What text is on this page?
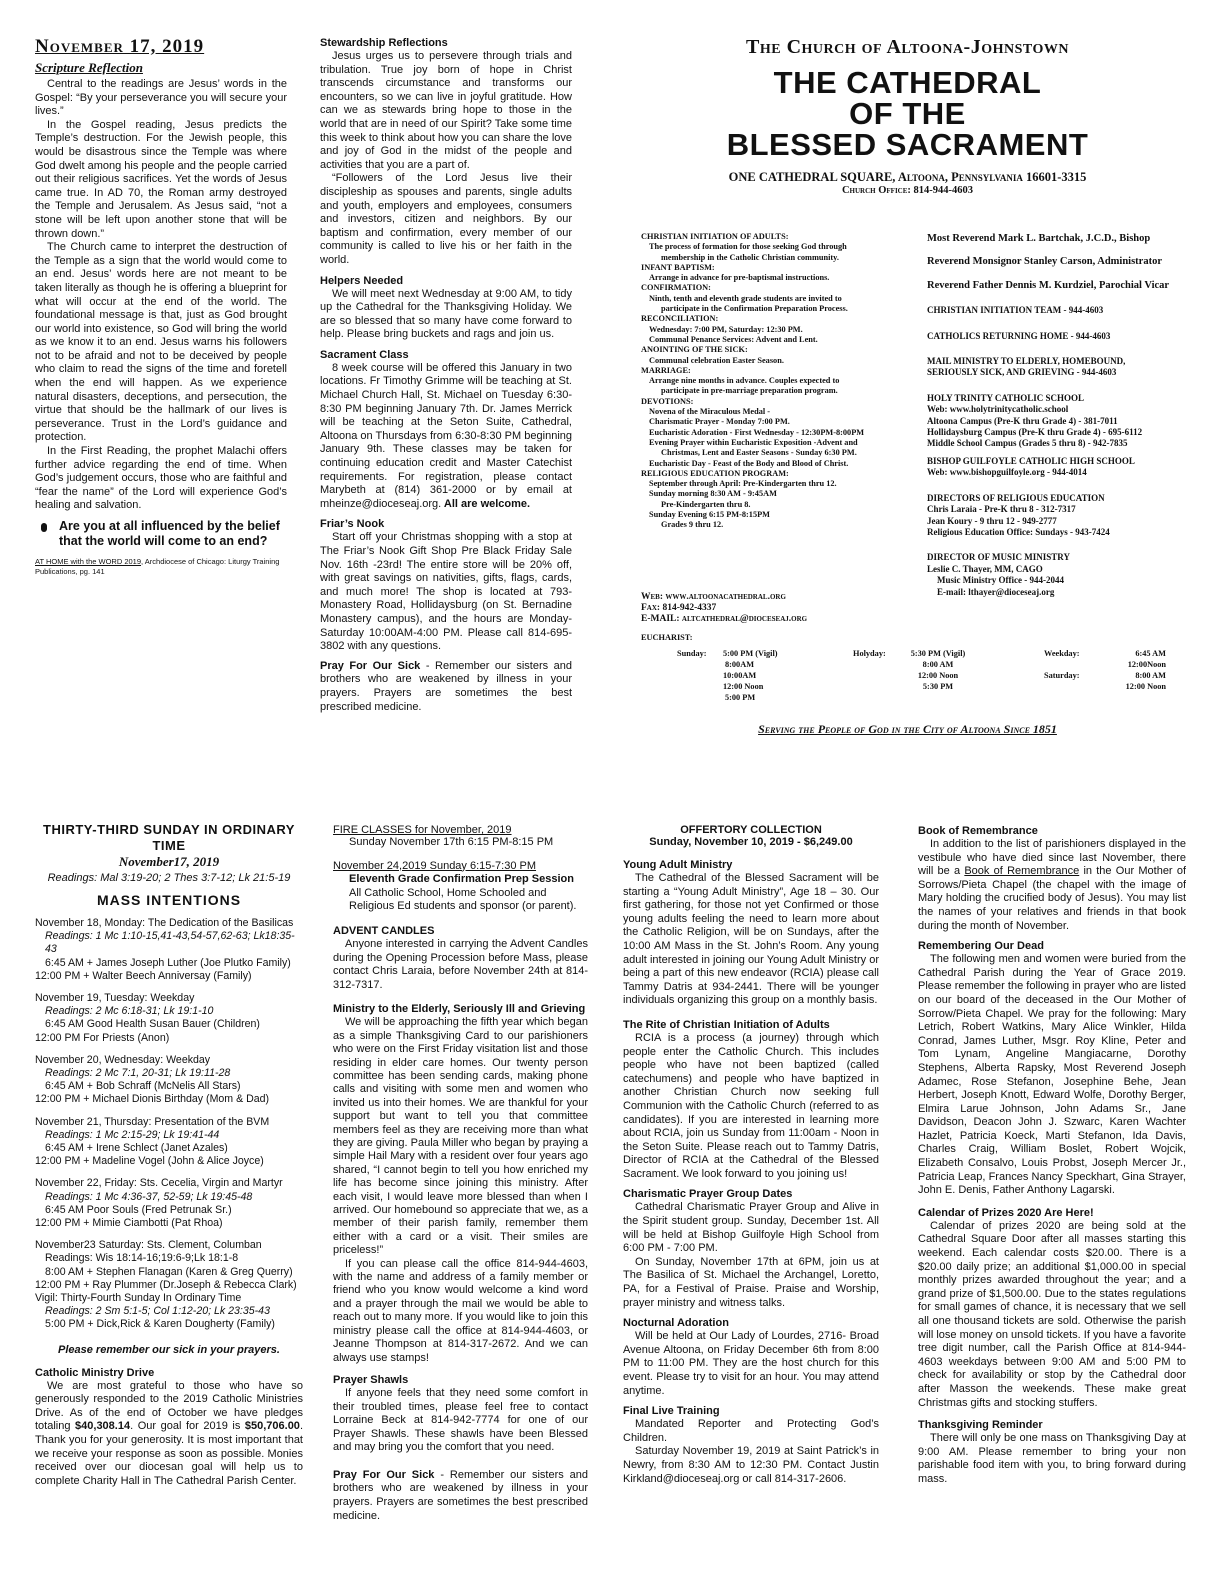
November 17, 2019
Scripture Reflection

Central to the readings are Jesus’ words in the Gospel: “By your perseverance you will secure your lives.”

In the Gospel reading, Jesus predicts the Temple’s destruction. For the Jewish people, this would be disastrous since the Temple was where God dwelt among his people and the people carried out their religious sacrifices. Yet the words of Jesus came true. In AD 70, the Roman army destroyed the Temple and Jerusalem. As Jesus said, “not a stone will be left upon another stone that will be thrown down.”

The Church came to interpret the destruction of the Temple as a sign that the world would come to an end. Jesus’ words here are not meant to be taken literally as though he is offering a blueprint for what will occur at the end of the world. The foundational message is that, just as God brought our world into existence, so God will bring the world as we know it to an end. Jesus warns his followers not to be afraid and not to be deceived by people who claim to read the signs of the time and foretell when the end will happen. As we experience natural disasters, deceptions, and persecution, the virtue that should be the hallmark of our lives is perseverance. Trust in the Lord’s guidance and protection.

In the First Reading, the prophet Malachi offers further advice regarding the end of time. When God’s judgement occurs, those who are faithful and “fear the name” of the Lord will experience God’s healing and salvation.

Are you at all influenced by the belief that the world will come to an end?
AT HOME with the WORD 2019, Archdiocese of Chicago: Liturgy Training Publications, pg. 141
Stewardship Reflections

Jesus urges us to persevere through trials and tribulation. True joy born of hope in Christ transcends circumstance and transforms our encounters, so we can live in joyful gratitude. How can we as stewards bring hope to those in the world that are in need of our Spirit? Take some time this week to think about how you can share the love and joy of God in the midst of the people and activities that you are a part of.

“Followers of the Lord Jesus live their discipleship as spouses and parents, single adults and youth, employers and employees, consumers and investors, citizen and neighbors. By our baptism and confirmation, every member of our community is called to live his or her faith in the world.

Helpers Needed

We will meet next Wednesday at 9:00 AM, to tidy up the Cathedral for the Thanksgiving Holiday. We are so blessed that so many have come forward to help. Please bring buckets and rags and join us.

Sacrament Class

8 week course will be offered this January in two locations. Fr Timothy Grimme will be teaching at St. Michael Church Hall, St. Michael on Tuesday 6:30-8:30 PM beginning January 7th. Dr. James Merrick will be teaching at the Seton Suite, Cathedral, Altoona on Thursdays from 6:30-8:30 PM beginning January 9th. These classes may be taken for continuing education credit and Master Catechist requirements. For registration, please contact Marybeth at (814) 361-2000 or by email at mheinze@dioceseaj.org. All are welcome.

Friar’s Nook

Start off your Christmas shopping with a stop at The Friar’s Nook Gift Shop Pre Black Friday Sale Nov. 16th -23rd! The entire store will be 20% off, with great savings on nativities, gifts, flags, cards, and much more! The shop is located at 793- Monastery Road, Hollidaysburg (on St. Bernadine Monastery campus), and the hours are Monday-Saturday 10:00AM-4:00 PM. Please call 814-695-3802 with any questions.

Pray For Our Sick - Remember our sisters and brothers who are weakened by illness in your prayers. Prayers are sometimes the best prescribed medicine.

The Church of Altoona-Johnstown
THE CATHEDRAL
OF THE
BLESSED SACRAMENT
ONE CATHEDRAL SQUARE, Altoona, Pennsylvania 16601-3315
Church Office: 814-944-4603
CHRISTIAN INITIATION OF ADULTS:
The process of formation for those seeking God through
membership in the Catholic Christian community.
INFANT BAPTISM:
Arrange in advance for pre-baptismal instructions.
CONFIRMATION:
Ninth, tenth and eleventh grade students are invited to
participate in the Confirmation Preparation Process.
RECONCILIATION:
Wednesday: 7:00 PM, Saturday: 12:30 PM.
Communal Penance Services: Advent and Lent.
ANOINTING OF THE SICK:
Communal celebration Easter Season.
MARRIAGE:
Arrange nine months in advance. Couples expected to
participate in pre-marriage preparation program.
DEVOTIONS:
Novena of the Miraculous Medal -
Charismatic Prayer - Monday 7:00 PM.
Eucharistic Adoration - First Wednesday - 12:30PM-8:00PM
Evening Prayer within Eucharistic Exposition -Advent and
Christmas, Lent and Easter Seasons - Sunday 6:30 PM.
Eucharistic Day - Feast of the Body and Blood of Christ.
RELIGIOUS EDUCATION PROGRAM:
September through April: Pre-Kindergarten thru 12.
Sunday morning 8:30 AM - 9:45AM
Pre-Kindergarten thru 8.
Sunday Evening 6:15 PM-8:15PM
Grades 9 thru 12.
Most Reverend Mark L. Bartchak, J.C.D., Bishop
Reverend Monsignor Stanley Carson, Administrator
Reverend Father Dennis M. Kurdziel, Parochial Vicar
CHRISTIAN INITIATION TEAM - 944-4603
CATHOLICS RETURNING HOME - 944-4603
MAIL MINISTRY TO ELDERLY, HOMEBOUND,
SERIOUSLY SICK, AND GRIEVING - 944-4603
HOLY TRINITY CATHOLIC SCHOOL
Web: www.holytrinitycatholic.school
Altoona Campus (Pre-K thru Grade 4) - 381-7011
Hollidaysburg Campus (Pre-K thru Grade 4) - 695-6112
Middle School Campus (Grades 5 thru 8) - 942-7835
BISHOP GUILFOYLE CATHOLIC HIGH SCHOOL
Web: www.bishopguilfoyle.org - 944-4014
DIRECTORS OF RELIGIOUS EDUCATION
Chris Laraia - Pre-K thru 8 - 312-7317
Jean Koury - 9 thru 12 - 949-2777
Religious Education Office: Sundays - 943-7424
DIRECTOR OF MUSIC MINISTRY
Leslie C. Thayer, MM, CAGO
Music Ministry Office - 944-2044
E-mail: lthayer@dioceseaj.org
Web: www.altoonacathedral.org
Fax: 814-942-4337
E-MAIL: altcathedral@dioceseaj.org
EUCHARIST:
Sunday: 5:00 PM (Vigil)
8:00AM
10:00AM
12:00 Noon
5:00 PM
Holyday:	5:30 PM (Vigil)
8:00 AM
12:00 Noon
5:30 PM
Weekday:	6:45 AM
12:00Noon
Saturday:	8:00 AM
12:00 Noon
Serving the People of God in the City of Altoona Since 1851
THIRTY-THIRD SUNDAY IN ORDINARY TIME
November17, 2019
Readings: Mal 3:19-20; 2 Thes 3:7-12; Lk 21:5-19
MASS INTENTIONS

November 18, Monday: The Dedication of the Basilicas

Readings: 1 Mc 1:10-15,41-43,54-57,62-63; Lk18:35-43

6:45 AM + James Joseph Luther (Joe Plutko Family)

12:00 PM + Walter Beech Anniversay (Family)

November 19, Tuesday: Weekday

Readings: 2 Mc 6:18-31; Lk 19:1-10

6:45 AM Good Health Susan Bauer (Children)

12:00 PM For Priests (Anon)

November 20, Wednesday: Weekday

Readings: 2 Mc 7:1, 20-31; Lk 19:11-28

6:45 AM + Bob Schraff (McNelis All Stars)

12:00 PM + Michael Dionis Birthday (Mom & Dad)

November 21, Thursday: Presentation of the BVM

Readings: 1 Mc 2:15-29; Lk 19:41-44

6:45 AM + Irene Schlect (Janet Azales)

12:00 PM + Madeline Vogel (John & Alice Joyce)

November 22, Friday: Sts. Cecelia, Virgin and Martyr

Readings: 1 Mc 4:36-37, 52-59; Lk 19:45-48

6:45 AM Poor Souls (Fred Petrunak Sr.)

12:00 PM + Mimie Ciambotti (Pat Rhoa)

November23 Saturday: Sts. Clement, Columban

Readings: Wis 18:14-16;19:6-9;Lk 18:1-8

8:00 AM + Stephen Flanagan (Karen & Greg Querry)

12:00 PM + Ray Plummer (Dr.Joseph & Rebecca Clark)

Vigil: Thirty-Fourth Sunday In Ordinary Time

Readings: 2 Sm 5:1-5; Col 1:12-20; Lk 23:35-43

5:00 PM + Dick,Rick & Karen Dougherty (Family)

Please remember our sick in your prayers.
Catholic Ministry Drive

We are most grateful to those who have so generously responded to the 2019 Catholic Ministries Drive. As of the end of October we have pledges totaling $40,308.14. Our goal for 2019 is $50,706.00. Thank you for your generosity. It is most important that we receive your response as soon as possible. Monies received over our diocesan goal will help us to complete Charity Hall in The Cathedral Parish Center.

FIRE CLASSES for November, 2019

Sunday November 17th 6:15 PM-8:15 PM

November 24,2019 Sunday 6:15-7:30 PM

Eleventh Grade Confirmation Prep Session

All Catholic School, Home Schooled and Religious Ed students and sponsor (or parent).

ADVENT CANDLES

Anyone interested in carrying the Advent Candles during the Opening Procession before Mass, please contact Chris Laraia, before November 24th at 814-312-7317.

Ministry to the Elderly, Seriously Ill and Grieving

We will be approaching the fifth year which began as a simple Thanksgiving Card to our parishioners who were on the First Friday visitation list and those residing in elder care homes. Our twenty person committee has been sending cards, making phone calls and visiting with some men and women who invited us into their homes. We are thankful for your support but want to tell you that committee members feel as they are receiving more than what they are giving. Paula Miller who began by praying a simple Hail Mary with a resident over four years ago shared, “I cannot begin to tell you how enriched my life has become since joining this ministry. After each visit, I would leave more blessed than when I arrived. Our homebound so appreciate that we, as a member of their parish family, remember them either with a card or a visit. Their smiles are priceless!”

If you can please call the office 814-944-4603, with the name and address of a family member or friend who you know would welcome a kind word and a prayer through the mail we would be able to reach out to many more. If you would like to join this ministry please call the office at 814-944-4603, or Jeanne Thompson at 814-317-2672. And we can always use stamps!

Prayer Shawls

If anyone feels that they need some comfort in their troubled times, please feel free to contact Lorraine Beck at 814-942-7774 for one of our Prayer Shawls. These shawls have been Blessed and may bring you the comfort that you need.

Pray For Our Sick - Remember our sisters and brothers who are weakened by illness in your prayers. Prayers are sometimes the best prescribed medicine.

OFFERTORY COLLECTION
Sunday, November 10, 2019 - $6,249.00
Young Adult Ministry

The Cathedral of the Blessed Sacrament will be starting a “Young Adult Ministry”, Age 18 – 30. Our first gathering, for those not yet Confirmed or those young adults feeling the need to learn more about the Catholic Religion, will be on Sundays, after the 10:00 AM Mass in the St. John’s Room. Any young adult interested in joining our Young Adult Ministry or being a part of this new endeavor (RCIA) please call Tammy Datris at 934-2441. There will be younger individuals organizing this group on a monthly basis.

The Rite of Christian Initiation of Adults

RCIA is a process (a journey) through which people enter the Catholic Church. This includes people who have not been baptized (called catechumens) and people who have baptized in another Christian Church now seeking full Communion with the Catholic Church (referred to as candidates). If you are interested in learning more about RCIA, join us Sunday from 11:00am - Noon in the Seton Suite. Please reach out to Tammy Datris, Director of RCIA at the Cathedral of the Blessed Sacrament. We look forward to you joining us!

Charismatic Prayer Group Dates

Cathedral Charismatic Prayer Group and Alive in the Spirit student group. Sunday, December 1st. All will be held at Bishop Guilfoyle High School from 6:00 PM - 7:00 PM.

On Sunday, November 17th at 6PM, join us at The Basilica of St. Michael the Archangel, Loretto, PA, for a Festival of Praise. Praise and Worship, prayer ministry and witness talks.

Nocturnal Adoration

Will be held at Our Lady of Lourdes, 2716- Broad Avenue Altoona, on Friday December 6th from 8:00 PM to 11:00 PM. They are the host church for this event. Please try to visit for an hour. You may attend anytime.

Final Live Training

Mandated Reporter and Protecting God’s Children.

Saturday November 19, 2019 at Saint Patrick’s in Newry, from 8:30 AM to 12:30 PM. Contact Justin Kirkland@dioceseaj.org or call 814-317-2606.

Book of Remembrance

In addition to the list of parishioners displayed in the vestibule who have died since last November, there will be a Book of Remembrance in the Our Mother of Sorrows/Pieta Chapel (the chapel with the image of Mary holding the crucified body of Jesus). You may list the names of your relatives and friends in that book during the month of November.

Remembering Our Dead

The following men and women were buried from the Cathedral Parish during the Year of Grace 2019. Please remember the following in prayer who are listed on our board of the deceased in the Our Mother of Sorrow/Pieta Chapel. We pray for the following: Mary Letrich, Robert Watkins, Mary Alice Winkler, Hilda Conrad, James Luther, Msgr. Roy Kline, Peter and Tom Lynam, Angeline Mangiacarne, Dorothy Stephens, Alberta Rapsky, Most Reverend Joseph Adamec, Rose Stefanon, Josephine Behe, Jean Herbert, Joseph Knott, Edward Wolfe, Dorothy Berger, Elmira Larue Johnson, John Adams Sr., Jane Davidson, Deacon John J. Szwarc, Karen Wachter Hazlet, Patricia Koeck, Marti Stefanon, Ida Davis, Charles Craig, William Boslet, Robert Wojcik, Elizabeth Consalvo, Louis Probst, Joseph Mercer Jr., Patricia Leap, Frances Nancy Speckhart, Gina Strayer, John E. Denis, Father Anthony Lagarski.

Calendar of Prizes 2020 Are Here!

Calendar of prizes 2020 are being sold at the Cathedral Square Door after all masses starting this weekend. Each calendar costs $20.00. There is a $20.00 daily prize; an additional $1,000.00 in special monthly prizes awarded throughout the year; and a grand prize of $1,500.00. Due to the states regulations for small games of chance, it is necessary that we sell all one thousand tickets are sold. Otherwise the parish will lose money on unsold tickets. If you have a favorite tree digit number, call the Parish Office at 814-944-4603 weekdays between 9:00 AM and 5:00 PM to check for availability or stop by the Cathedral door after Masson the weekends. These make great Christmas gifts and stocking stuffers.

Thanksgiving Reminder

There will only be one mass on Thanksgiving Day at 9:00 AM. Please remember to bring your non parishable food item with you, to bring forward during mass.
